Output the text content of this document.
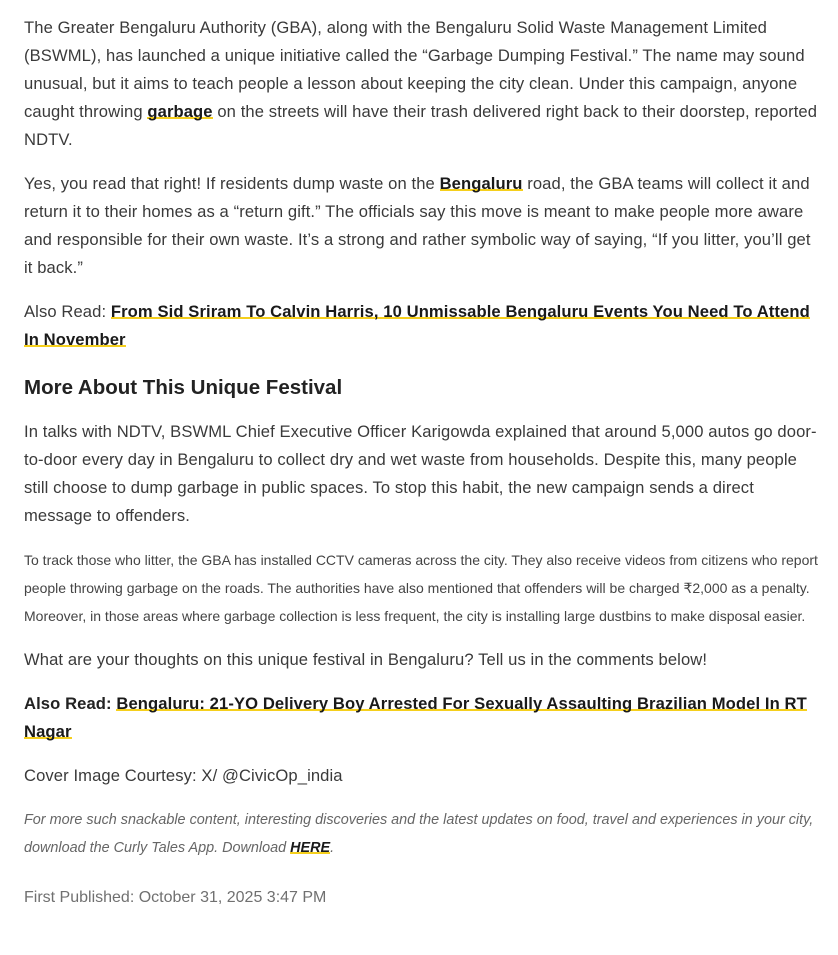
The Greater Bengaluru Authority (GBA), along with the Bengaluru Solid Waste Management Limited (BSWML), has launched a unique initiative called the “Garbage Dumping Festival.” The name may sound unusual, but it aims to teach people a lesson about keeping the city clean. Under this campaign, anyone caught throwing garbage on the streets will have their trash delivered right back to their doorstep, reported NDTV.

Yes, you read that right! If residents dump waste on the Bengaluru road, the GBA teams will collect it and return it to their homes as a “return gift.” The officials say this move is meant to make people more aware and responsible for their own waste. It’s a strong and rather symbolic way of saying, “If you litter, you’ll get it back.”

Also Read: From Sid Sriram To Calvin Harris, 10 Unmissable Bengaluru Events You Need To Attend In November

More About This Unique Festival

In talks with NDTV, BSWML Chief Executive Officer Karigowda explained that around 5,000 autos go door-to-door every day in Bengaluru to collect dry and wet waste from households. Despite this, many people still choose to dump garbage in public spaces. To stop this habit, the new campaign sends a direct message to offenders.

To track those who litter, the GBA has installed CCTV cameras across the city. They also receive videos from citizens who report people throwing garbage on the roads. The authorities have also mentioned that offenders will be charged ₹2,000 as a penalty. Moreover, in those areas where garbage collection is less frequent, the city is installing large dustbins to make disposal easier.

What are your thoughts on this unique festival in Bengaluru? Tell us in the comments below!

Also Read: Bengaluru: 21-YO Delivery Boy Arrested For Sexually Assaulting Brazilian Model In RT Nagar

Cover Image Courtesy: X/ @CivicOp_india

For more such snackable content, interesting discoveries and the latest updates on food, travel and experiences in your city, download the Curly Tales App. Download HERE.

First Published: October 31, 2025 3:47 PM
